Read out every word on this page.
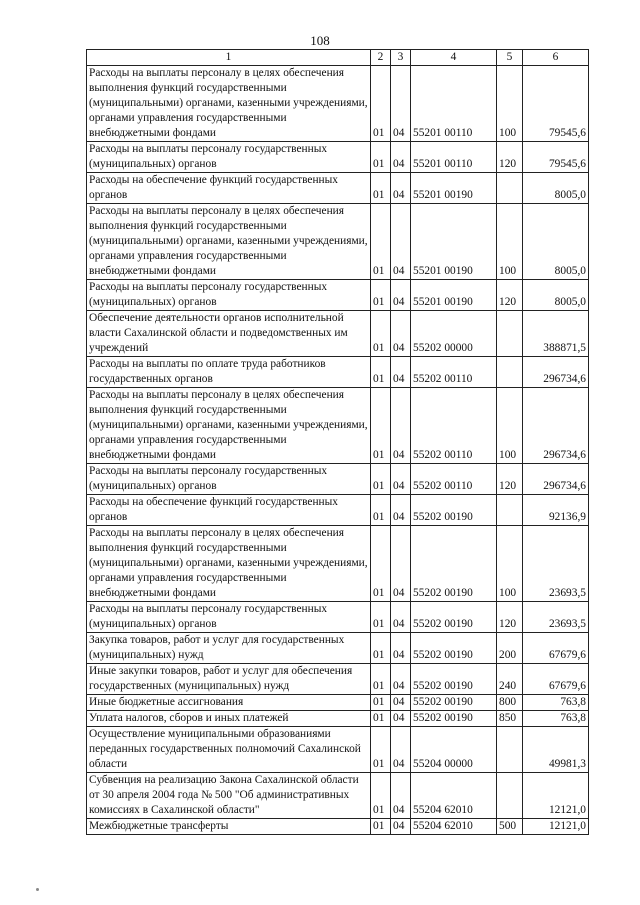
108
1	2	3	4	5	6
Расходы на выплаты персоналу в целях обеспечения выполнения функций государственными (муниципальными) органами, казенными учреждениями, органами управления государственными внебюджетными фондами	01	04	55201 00110	100	79545,6
Расходы на выплаты персоналу государственных (муниципальных) органов	01	04	55201 00110	120	79545,6
Расходы на обеспечение функций государственных органов	01	04	55201 00190		8005,0
Расходы на выплаты персоналу в целях обеспечения выполнения функций государственными (муниципальными) органами, казенными учреждениями, органами управления государственными внебюджетными фондами	01	04	55201 00190	100	8005,0
Расходы на выплаты персоналу государственных (муниципальных) органов	01	04	55201 00190	120	8005,0
Обеспечение деятельности органов исполнительной власти Сахалинской области и подведомственных им учреждений	01	04	55202 00000		388871,5
Расходы на выплаты по оплате труда работников государственных органов	01	04	55202 00110		296734,6
Расходы на выплаты персоналу в целях обеспечения выполнения функций государственными (муниципальными) органами, казенными учреждениями, органами управления государственными внебюджетными фондами	01	04	55202 00110	100	296734,6
Расходы на выплаты персоналу государственных (муниципальных) органов	01	04	55202 00110	120	296734,6
Расходы на обеспечение функций государственных органов	01	04	55202 00190		92136,9
Расходы на выплаты персоналу в целях обеспечения выполнения функций государственными (муниципальными) органами, казенными учреждениями, органами управления государственными внебюджетными фондами	01	04	55202 00190	100	23693,5
Расходы на выплаты персоналу государственных (муниципальных) органов	01	04	55202 00190	120	23693,5
Закупка товаров, работ и услуг для государственных (муниципальных) нужд	01	04	55202 00190	200	67679,6
Иные закупки товаров, работ и услуг для обеспечения государственных (муниципальных) нужд	01	04	55202 00190	240	67679,6
Иные бюджетные ассигнования	01	04	55202 00190	800	763,8
Уплата налогов, сборов и иных платежей	01	04	55202 00190	850	763,8
Осуществление муниципальными образованиями переданных государственных полномочий Сахалинской области	01	04	55204 00000		49981,3
Субвенция на реализацию Закона Сахалинской области от 30 апреля 2004 года № 500 "Об административных комиссиях в Сахалинской области"	01	04	55204 62010		12121,0
Межбюджетные трансферты	01	04	55204 62010	500	12121,0
